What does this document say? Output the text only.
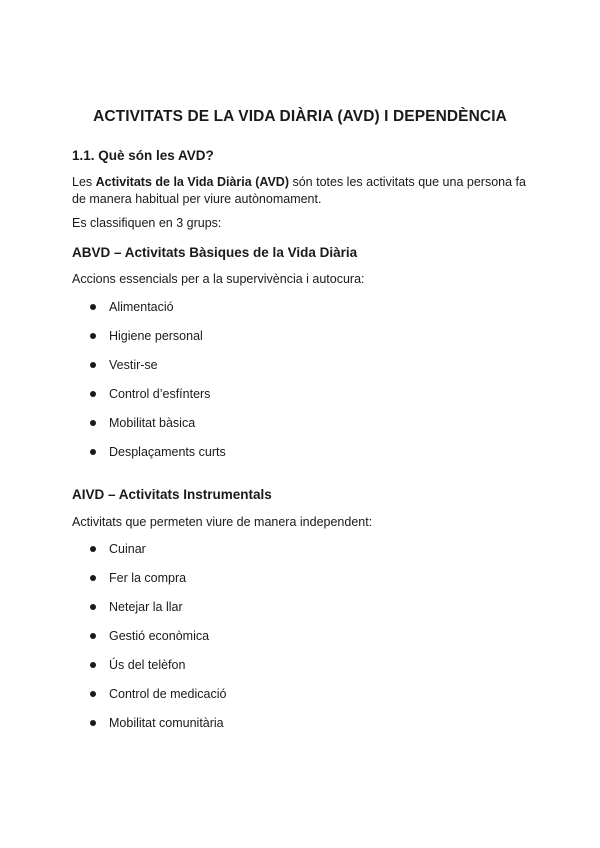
ACTIVITATS DE LA VIDA DIÀRIA (AVD) I DEPENDÈNCIA
1.1. Què són les AVD?
Les Activitats de la Vida Diària (AVD) són totes les activitats que una persona fa de manera habitual per viure autònomament.
Es classifiquen en 3 grups:
ABVD – Activitats Bàsiques de la Vida Diària
Accions essencials per a la supervivència i autocura:
Alimentació
Higiene personal
Vestir-se
Control d’esfínters
Mobilitat bàsica
Desplaçaments curts
AIVD – Activitats Instrumentals
Activitats que permeten viure de manera independent:
Cuinar
Fer la compra
Netejar la llar
Gestió econòmica
Ús del telèfon
Control de medicació
Mobilitat comunitària
